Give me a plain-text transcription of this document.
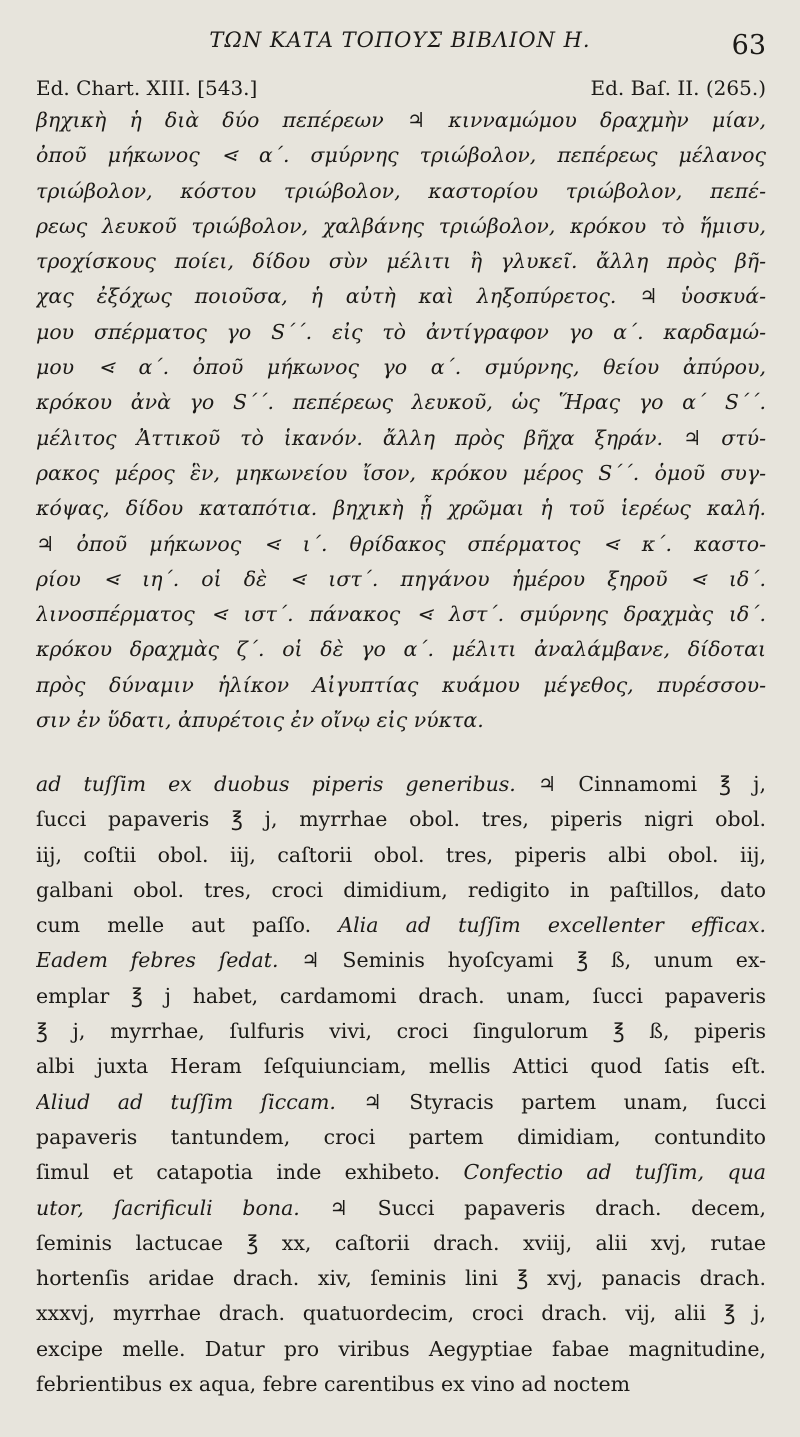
ΤΩΝ ΚΑΤΑ ΤΟΠΟΥΣ ΒΙΒΛΙΟΝ Η.	63
Ed. Chart. XIII. [543.]	Ed. Baſ. II. (265.)
βηχικὴ ἡ διὰ δύο πεπέρεων ♃ κινναμώμου δραχμὴν μίαν,
ὀποῦ μήκωνος ⋖ α΄. σμύρνης τριώβολον, πεπέρεως μέλανος
τριώβολον, κόστου τριώβολον, καστορίου τριώβολον, πεπέ-
ρεως λευκοῦ τριώβολον, χαλβάνης τριώβολον, κρόκου τὸ ἥμισυ,
τροχίσκους ποίει, δίδου σὺν μέλιτι ἢ γλυκεῖ. ἄλλη πρὸς βῆ-
χας ἐξόχως ποιοῦσα, ἡ αὐτὴ καὶ ληξοπύρετος. ♃ ὑοσκυά-
μου σπέρματος γο S΄΄. εἰς τὸ ἀντίγραφον γο α΄. καρδαμώ-
μου ⋖ α΄. ὀποῦ μήκωνος γο α΄. σμύρνης, θείου ἀπύρου,
κρόκου ἀνὰ γο S΄΄. πεπέρεως λευκοῦ, ὡς Ἥρας γο α΄ S΄΄.
μέλιτος Ἀττικοῦ τὸ ἱκανόν. ἄλλη πρὸς βῆχα ξηράν. ♃ στύ-
ρακος μέρος ἓν, μηκωνείου ἴσον, κρόκου μέρος S΄΄. ὁμοῦ συγ-
κόψας, δίδου καταπότια. βηχικὴ ᾗ χρῶμαι ἡ τοῦ ἱερέως καλή.
♃ ὀποῦ μήκωνος ⋖ ι΄. θρίδακος σπέρματος ⋖ κ΄. καστο-
ρίου ⋖ ιη΄. οἱ δὲ ⋖ ιστ΄. πηγάνου ἡμέρου ξηροῦ ⋖ ιδ΄.
λινοσπέρματος ⋖ ιστ΄. πάνακος ⋖ λστ΄. σμύρνης δραχμὰς ιδ΄.
κρόκου δραχμὰς ζ΄. οἱ δὲ γο α΄. μέλιτι ἀναλάμβανε, δίδοται
πρὸς δύναμιν ἡλίκον Αἰγυπτίας κυάμου μέγεθος, πυρέσσου-
σιν ἐν ὕδατι, ἀπυρέτοις ἐν οἴνῳ εἰς νύκτα.
ad tuſſim ex duobus piperis generibus. ♃ Cinnamomi ℥ j,
ſucci papaveris ℥ j, myrrhae obol. tres, piperis nigri obol.
iij, coſtii obol. iij, caſtorii obol. tres, piperis albi obol. iij,
galbani obol. tres, croci dimidium, redigito in paſtillos, dato
cum melle aut paſſo. Alia ad tuſſim excellenter efficax.
Eadem febres ſedat. ♃ Seminis hyoſcyami ℥ ß, unum ex-
emplar ℥ j habet, cardamomi drach. unam, ſucci papaveris
℥ j, myrrhae, ſulfuris vivi, croci ſingulorum ℥ ß, piperis
albi juxta Heram ſeſquiunciam, mellis Attici quod ſatis eſt.
Aliud ad tuſſim ſiccam. ♃ Styracis partem unam, ſucci
papaveris tantundem, croci partem dimidiam, contundito
ſimul et catapotia inde exhibeto. Confectio ad tuſſim, qua
utor, ſacrificuli bona. ♃ Succi papaveris drach. decem,
ſeminis lactucae ℥ xx, caſtorii drach. xviij, alii xvj, rutae
hortenſis aridae drach. xiv, ſeminis lini ℥ xvj, panacis drach.
xxxvj, myrrhae drach. quatuordecim, croci drach. vij, alii ℥ j,
excipe melle. Datur pro viribus Aegyptiae fabae magnitudine,
febrientibus ex aqua, febre carentibus ex vino ad noctem
